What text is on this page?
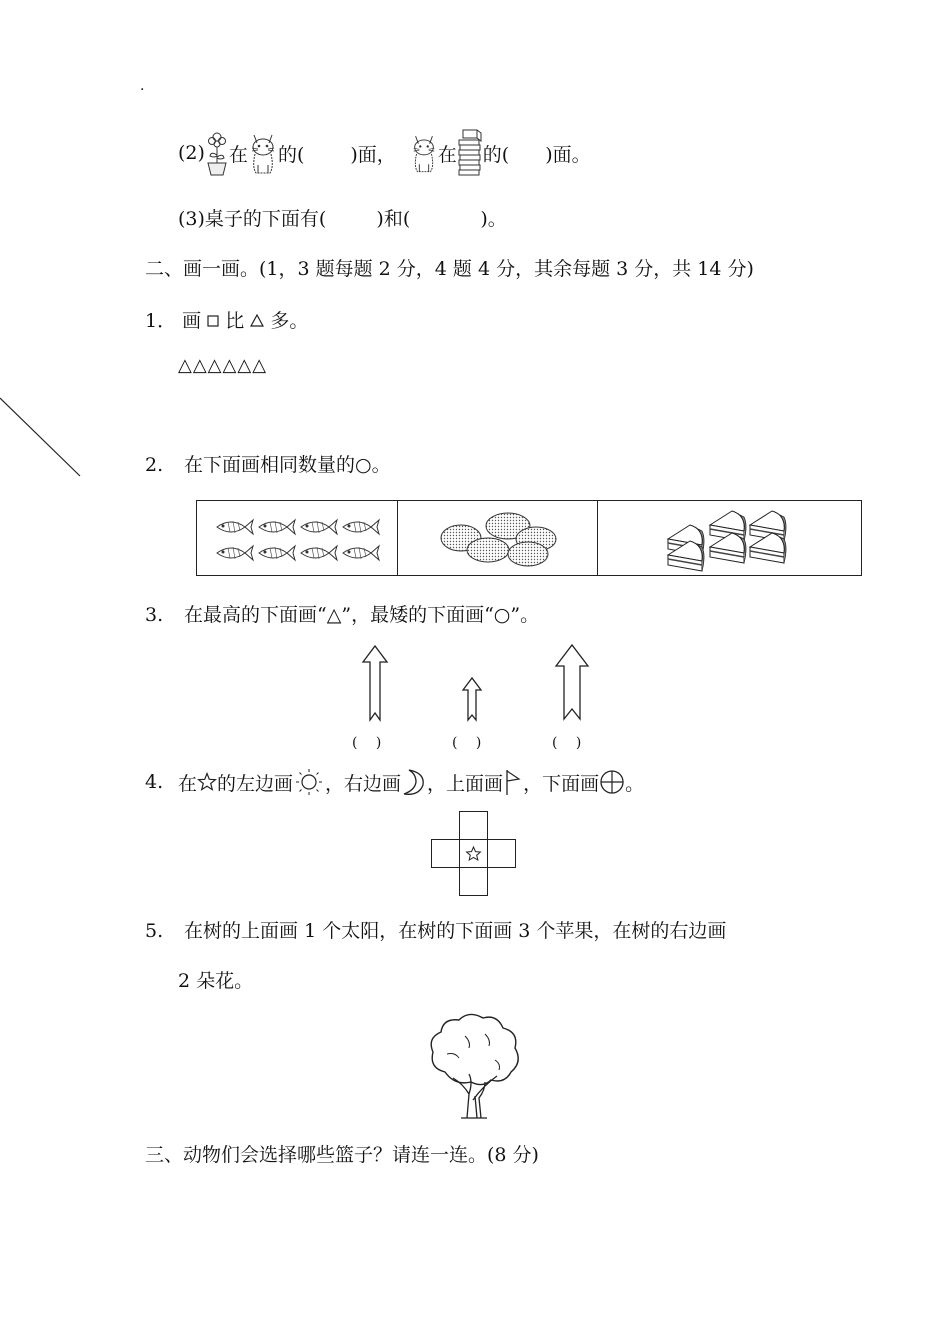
.
(2) 在 的( )面， 在 的( )面。
(3)桌子的下面有(	)和(	)。
二、画一画。(1，3 题每题 2 分，4 题 4 分，其余每题 3 分，共 14 分)
1． 画 比 多。
△△△△△△
2. 在下面画相同数量的○。
3. 在最高的下面画“△”，最矮的下面画“○”。
(　 )	(　 )	(　 )
4. 在 的左边画 ，右边画 ，上面画 ，下面画 。
5. 在树的上面画 1 个太阳，在树的下面画 3 个苹果，在树的右边画
2 朵花。
三、动物们会选择哪些篮子？请连一连。(8 分)
